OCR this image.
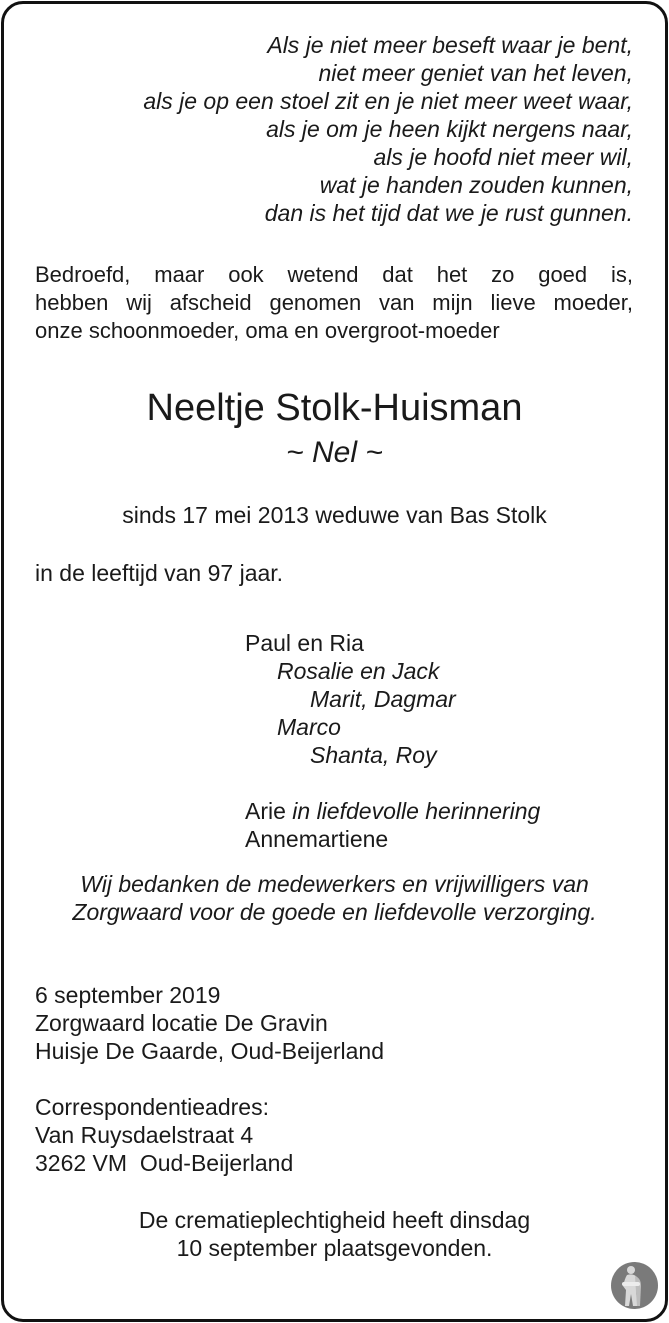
Als je niet meer beseft waar je bent,
niet meer geniet van het leven,
als je op een stoel zit en je niet meer weet waar,
als je om je heen kijkt nergens naar,
als je hoofd niet meer wil,
wat je handen zouden kunnen,
dan is het tijd dat we je rust gunnen.
Bedroefd, maar ook wetend dat het zo goed is,
hebben wij afscheid genomen van mijn lieve moeder,
onze schoonmoeder, oma en overgroot-moeder
Neeltje Stolk-Huisman
~ Nel ~
sinds 17 mei 2013 weduwe van Bas Stolk
in de leeftijd van 97 jaar.
Paul en Ria
Rosalie en Jack
Marit, Dagmar
Marco
Shanta, Roy
Arie in liefdevolle herinnering
Annemartiene
Wij bedanken de medewerkers en vrijwilligers van
Zorgwaard voor de goede en liefdevolle verzorging.
6 september 2019
Zorgwaard locatie De Gravin
Huisje De Gaarde, Oud-Beijerland
Correspondentieadres:
Van Ruysdaelstraat 4
3262 VM  Oud-Beijerland
De crematieplechtigheid heeft dinsdag
10 september plaatsgevonden.
